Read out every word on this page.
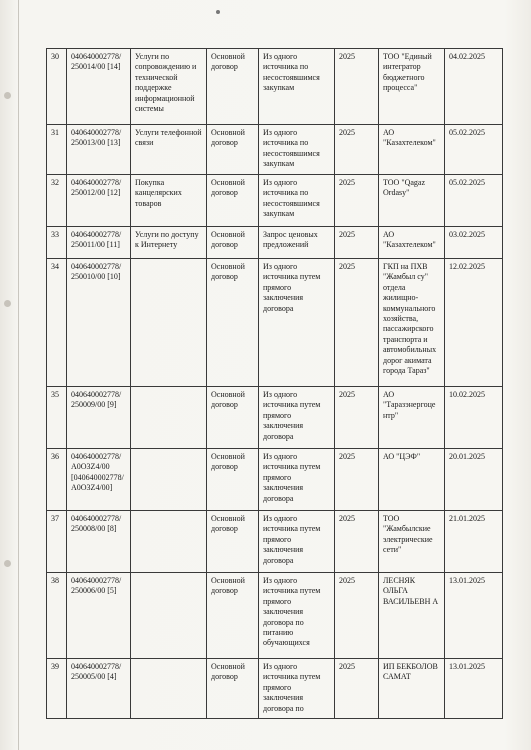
30	040640002778/ 250014/00 [14]	Услуги по сопровождению и технической поддержке информационной системы	Основной договор	Из одного источника по несостоявшимся закупкам	2025	ТОО "Единый интегратор бюджетного процесса"	04.02.2025
31	040640002778/ 250013/00 [13]	Услуги телефонной связи	Основной договор	Из одного источника по несостоявшимся закупкам	2025	АО "Казахтелеком"	05.02.2025
32	040640002778/ 250012/00 [12]	Покупка канцелярских товаров	Основной договор	Из одного источника по несостоявшимся закупкам	2025	ТОО "Qagaz Ordasy"	05.02.2025
33	040640002778/ 250011/00 [11]	Услуги по доступу к Интернету	Основной договор	Запрос ценовых предложений	2025	АО "Казахтелеком"	03.02.2025
34	040640002778/ 250010/00 [10]		Основной договор	Из одного источника путем прямого заключения договора	2025	ГКП на ПХВ "Жамбыл су" отдела жилищно-коммунального хозяйства, пассажирского транспорта и автомобильных дорог акимата города Тараз"	12.02.2025
35	040640002778/ 250009/00 [9]		Основной договор	Из одного источника путем прямого заключения договора	2025	АО "Таразэнергоце нтр"	10.02.2025
36	040640002778/ A0O3Z4/00 [040640002778/ A0O3Z4/00]		Основной договор	Из одного источника путем прямого заключения договора	2025	АО "ЦЭФ"	20.01.2025
37	040640002778/ 250008/00 [8]		Основной договор	Из одного источника путем прямого заключения договора	2025	ТОО "Жамбылские электрические сети"	21.01.2025
38	040640002778/ 250006/00 [5]		Основной договор	Из одного источника путем прямого заключения договора по питанию обучающихся	2025	ЛЕСНЯК ОЛЬГА ВАСИЛЬЕВН А	13.01.2025
39	040640002778/ 250005/00 [4]		Основной договор	Из одного источника путем прямого заключения договора по	2025	ИП БЕКБОЛОВ САМАТ	13.01.2025
